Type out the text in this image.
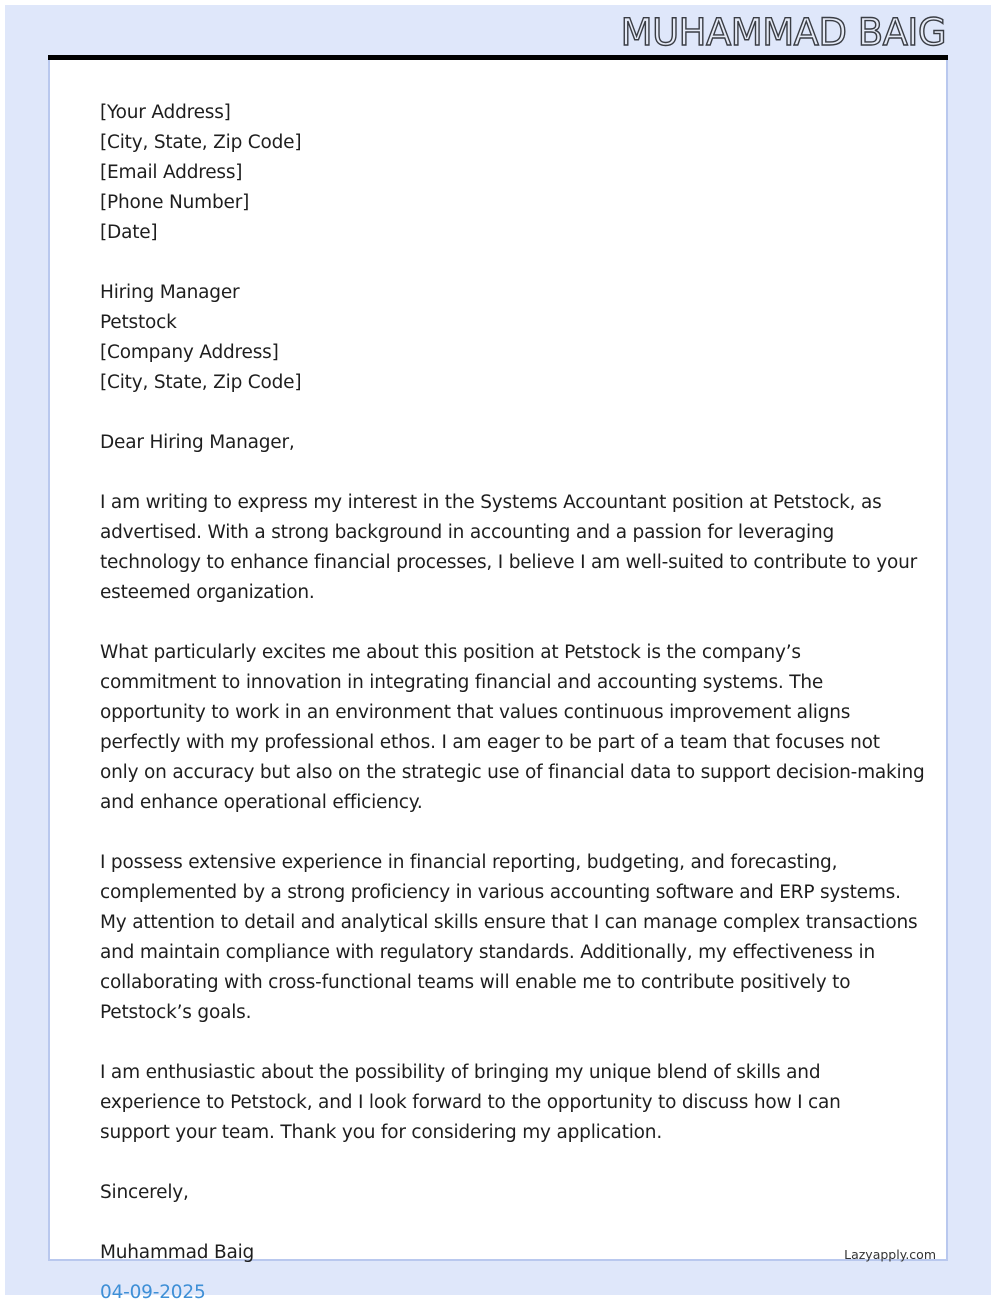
MUHAMMAD BAIG
[Your Address]
[City, State, Zip Code]
[Email Address]
[Phone Number]
[Date]
Hiring Manager
Petstock
[Company Address]
[City, State, Zip Code]
Dear Hiring Manager,
I am writing to express my interest in the Systems Accountant position at Petstock, as
advertised. With a strong background in accounting and a passion for leveraging
technology to enhance financial processes, I believe I am well-suited to contribute to your
esteemed organization.
What particularly excites me about this position at Petstock is the company’s
commitment to innovation in integrating financial and accounting systems. The
opportunity to work in an environment that values continuous improvement aligns
perfectly with my professional ethos. I am eager to be part of a team that focuses not
only on accuracy but also on the strategic use of financial data to support decision-making
and enhance operational efficiency.
I possess extensive experience in financial reporting, budgeting, and forecasting,
complemented by a strong proficiency in various accounting software and ERP systems.
My attention to detail and analytical skills ensure that I can manage complex transactions
and maintain compliance with regulatory standards. Additionally, my effectiveness in
collaborating with cross-functional teams will enable me to contribute positively to
Petstock’s goals.
I am enthusiastic about the possibility of bringing my unique blend of skills and
experience to Petstock, and I look forward to the opportunity to discuss how I can
support your team. Thank you for considering my application.
Sincerely,
Muhammad Baig
04-09-2025
Lazyapply.com
